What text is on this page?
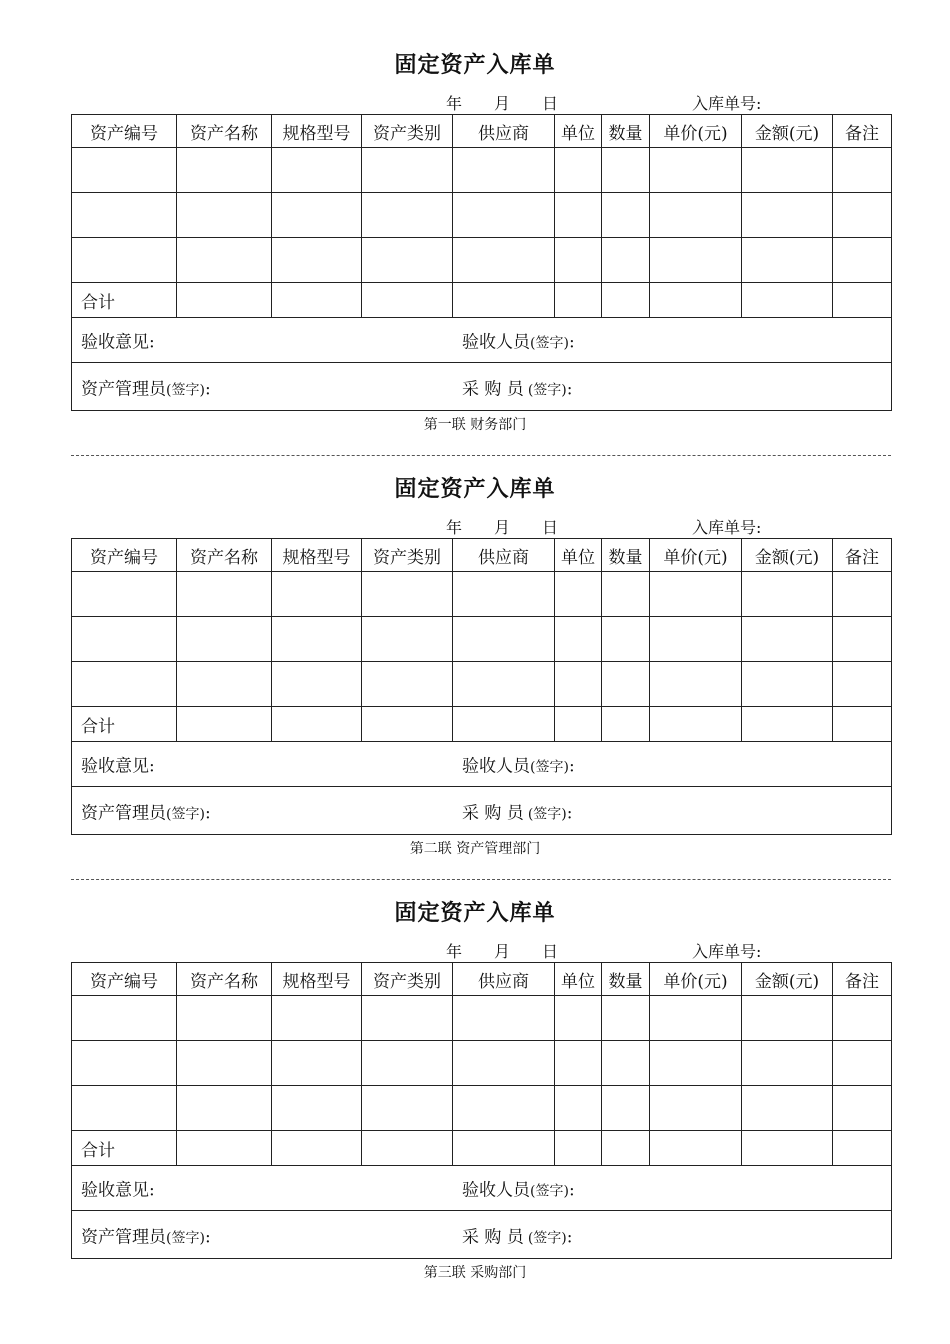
固定资产入库单
年 月 日	入库单号:
资产编号	资产名称	规格型号	资产类别	供应商	单位	数量	单价(元)	金额(元)	备注

合计									

验收意见: 验收人员(签字):									

资产管理员(签字): 采 购 员 (签字):									
第一联 财务部门
固定资产入库单
年 月 日	入库单号:
资产编号	资产名称	规格型号	资产类别	供应商	单位	数量	单价(元)	金额(元)	备注

合计									

验收意见: 验收人员(签字):									

资产管理员(签字): 采 购 员 (签字):									
第二联 资产管理部门
固定资产入库单
年 月 日	入库单号:
资产编号	资产名称	规格型号	资产类别	供应商	单位	数量	单价(元)	金额(元)	备注

合计									

验收意见: 验收人员(签字):									

资产管理员(签字): 采 购 员 (签字):									
第三联 采购部门
